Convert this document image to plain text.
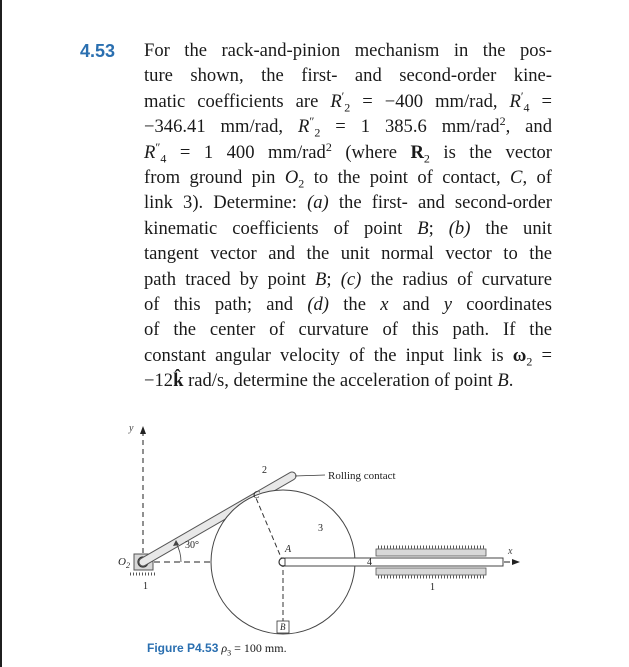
4.53 For the rack-and-pinion mechanism in the pos-
ture shown, the first- and second-order kine-
matic coefficients are $R'_2 = -400$ mm/rad, $R'_4$ =
−346.41 mm/rad, $R''_2 = 1$ 385.6 mm/rad$^2$, and
$R''_4 = 1$ 400 mm/rad$^2$ (where $R_2$ is the vector
from ground pin $O_2$ to the point of contact, C, of
link 3). Determine: (a) the first- and second-order
kinematic coefficients of point B; (b) the unit
tangent vector and the unit normal vector to the
path traced by point B; (c) the radius of curvature
of this path; and (d) the x and y coordinates
of the center of curvature of this path. If the
constant angular velocity of the input link is $\omega_2$ =
−12k̂ rad/s, determine the acceleration of point B.
y
x
$O_2$
1
2
30°
3
C
A
B
4
1
Rolling contact
Figure P4.53 $\rho_3 = 100$ mm.
